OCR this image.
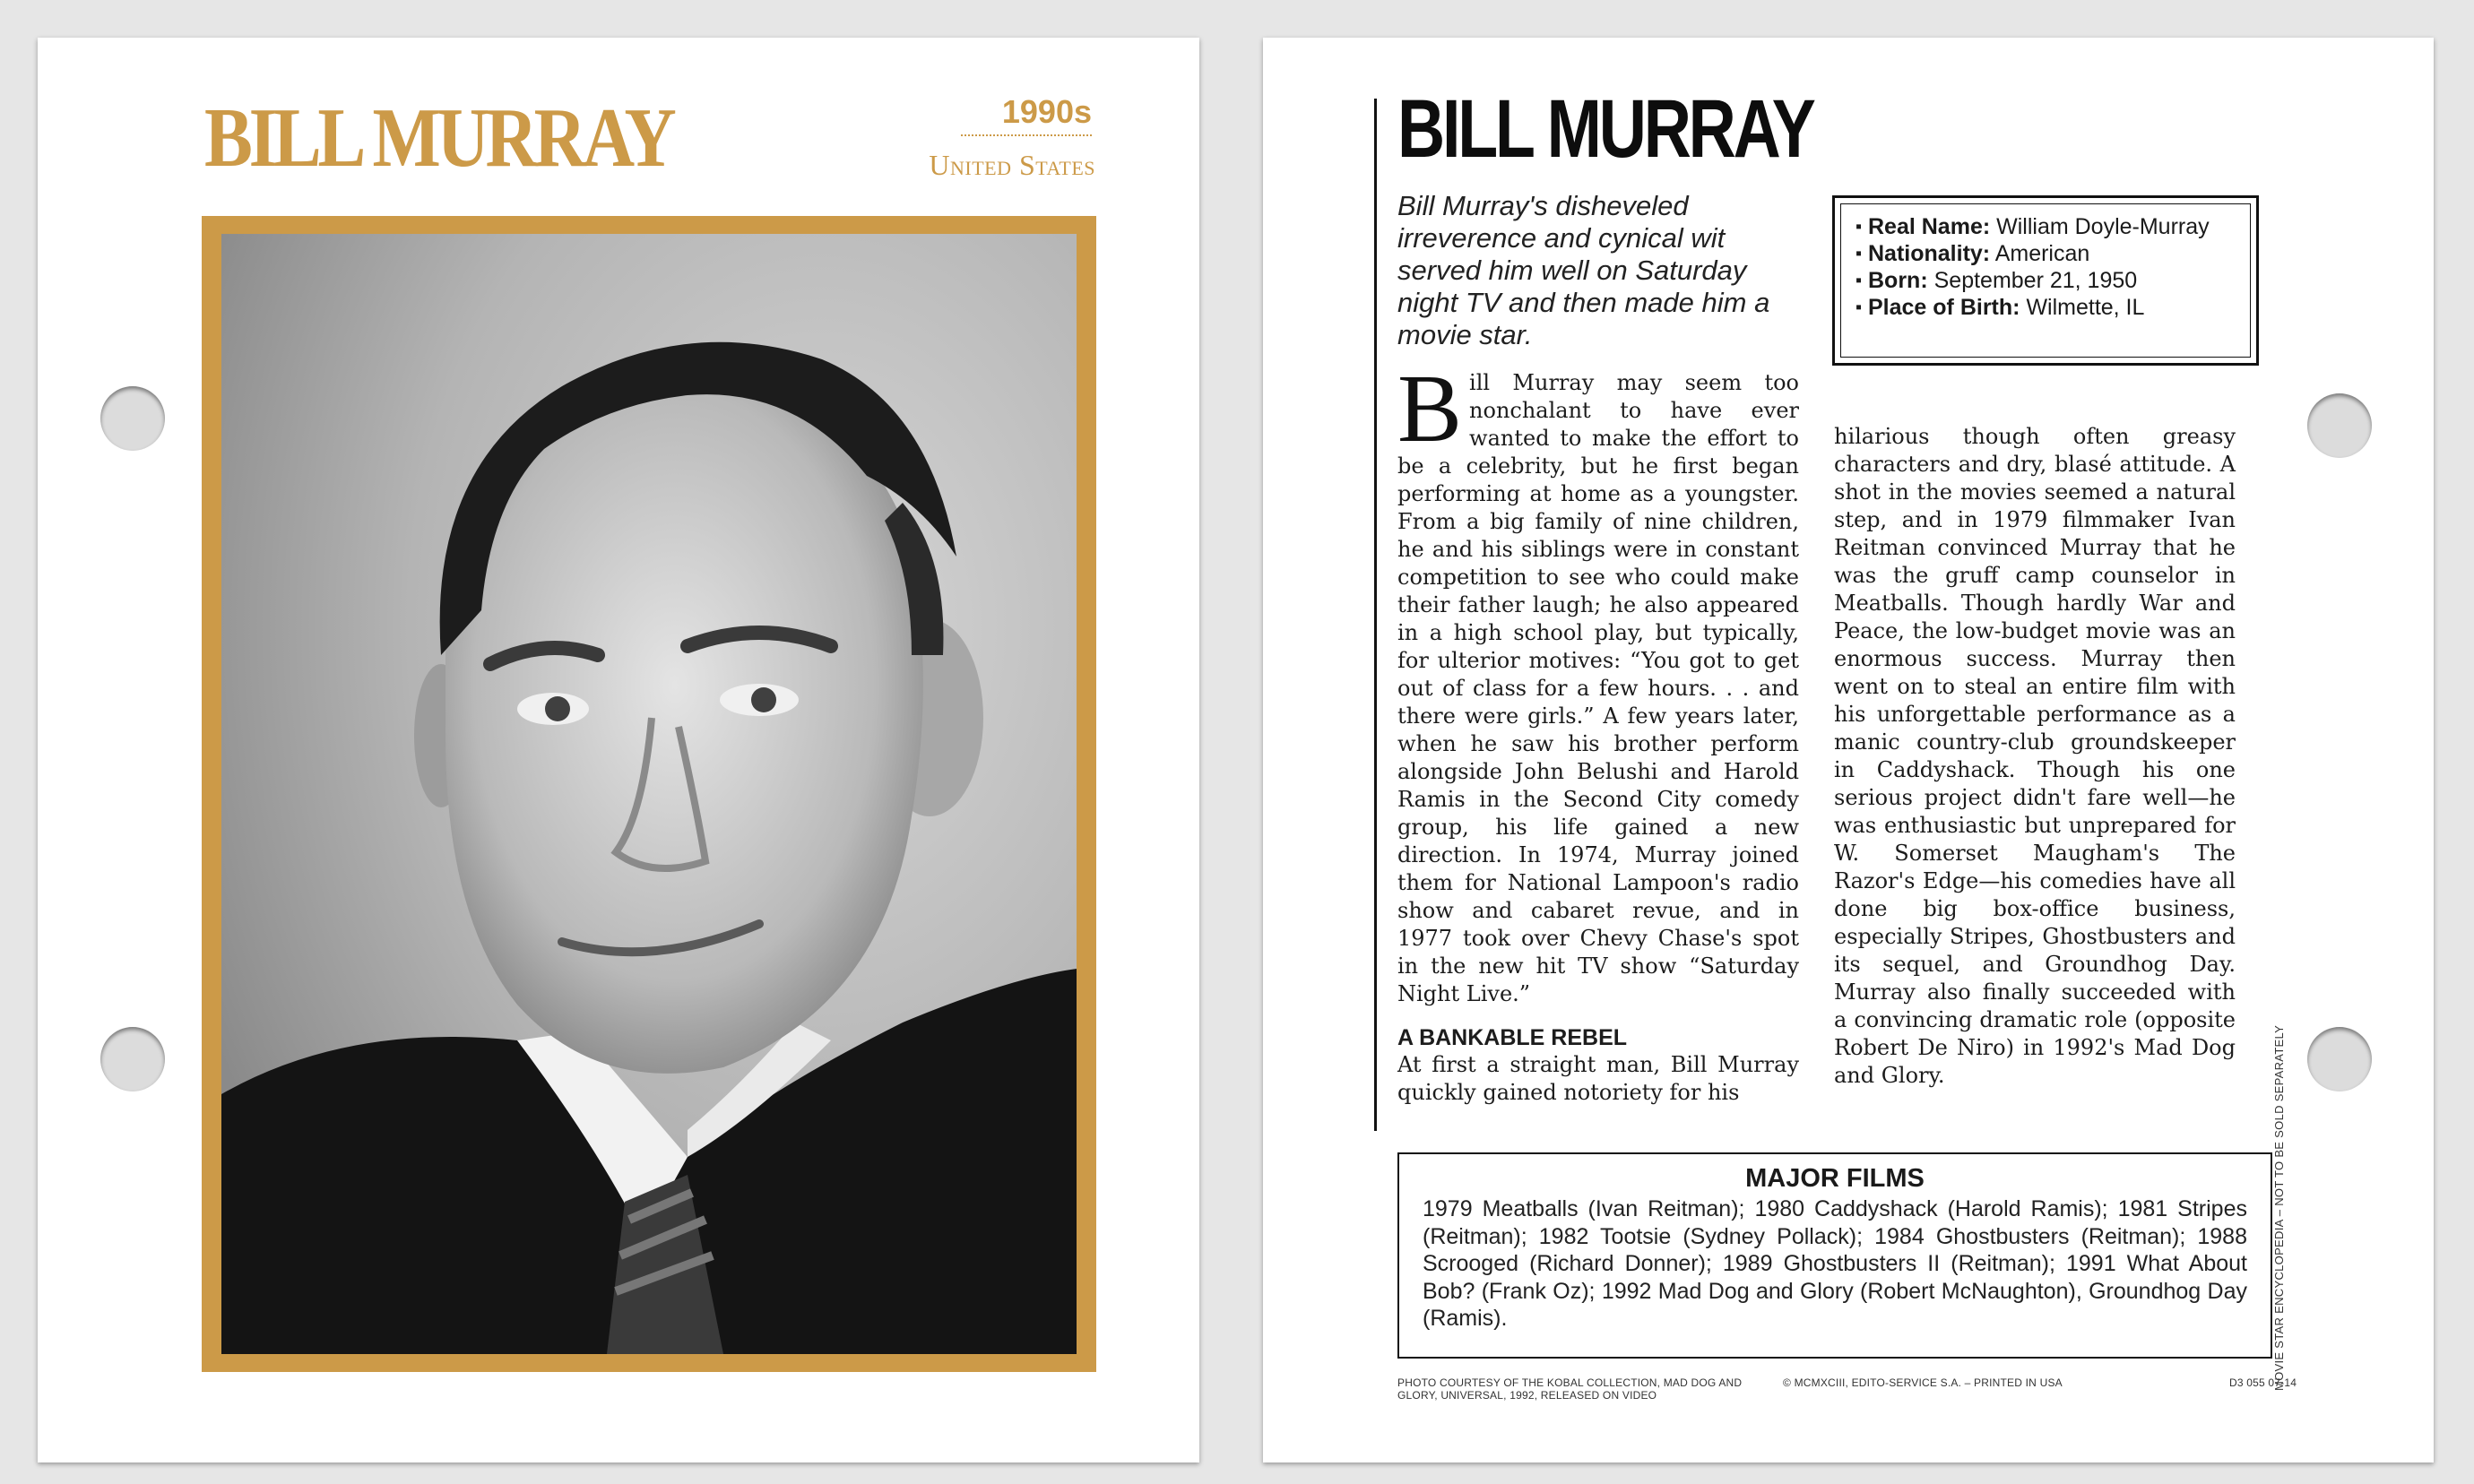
BILL MURRAY	1990s
United States	BILL MURRAY
Bill Murray's disheveled irreverence and cynical wit served him well on Saturday night TV and then made him a movie star.
▪ Real Name: William Doyle-Murray
▪ Nationality: American
▪ Born: September 21, 1950
▪ Place of Birth: Wilmette, IL

Bill Murray may seem too nonchalant to have ever wanted to make the effort to be a celebrity, but he first began performing at home as a youngster. From a big family of nine children, he and his siblings were in constant competition to see who could make their father laugh; he also appeared in a high school play, but typically, for ulterior motives: “You got to get out of class for a few hours. . . and there were girls.” A few years later, when he saw his brother perform alongside John Belushi and Harold Ramis in the Second City comedy group, his life gained a new direction. In 1974, Murray joined them for National Lampoon's radio show and cabaret revue, and in 1977 took over Chevy Chase's spot in the new hit TV show “Saturday Night Live.”

A BANKABLE REBEL

At first a straight man, Bill Murray quickly gained notoriety for his

hilarious though often greasy characters and dry, blasé attitude. A shot in the movies seemed a natural step, and in 1979 filmmaker Ivan Reitman convinced Murray that he was the gruff camp counselor in Meatballs. Though hardly War and Peace, the low-budget movie was an enormous success. Murray then went on to steal an entire film with his unforgettable performance as a manic country-club groundskeeper in Caddyshack. Though his one serious project didn't fare well—he was enthusiastic but unprepared for W. Somerset Maugham's The Razor's Edge—his comedies have all done big box-office business, especially Stripes, Ghostbusters and its sequel, and Groundhog Day. Murray also finally succeeded with a convincing dramatic role (opposite Robert De Niro) in 1992's Mad Dog and Glory.

MAJOR FILMS
1979 Meatballs (Ivan Reitman); 1980 Caddyshack (Harold Ramis); 1981 Stripes (Reitman); 1982 Tootsie (Sydney Pollack); 1984 Ghostbusters (Reitman); 1988 Scrooged (Richard Donner); 1989 Ghostbusters II (Reitman); 1991 What About Bob? (Frank Oz); 1992 Mad Dog and Glory (Robert McNaughton), Groundhog Day (Ramis).
PHOTO COURTESY OF THE KOBAL COLLECTION, MAD DOG AND GLORY, UNIVERSAL, 1992, RELEASED ON VIDEO
© MCMXCIII, EDITO-SERVICE S.A. – PRINTED IN USA	D3 055 07-14
MOVIE STAR ENCYCLOPEDIA – NOT TO BE SOLD SEPARATELY
